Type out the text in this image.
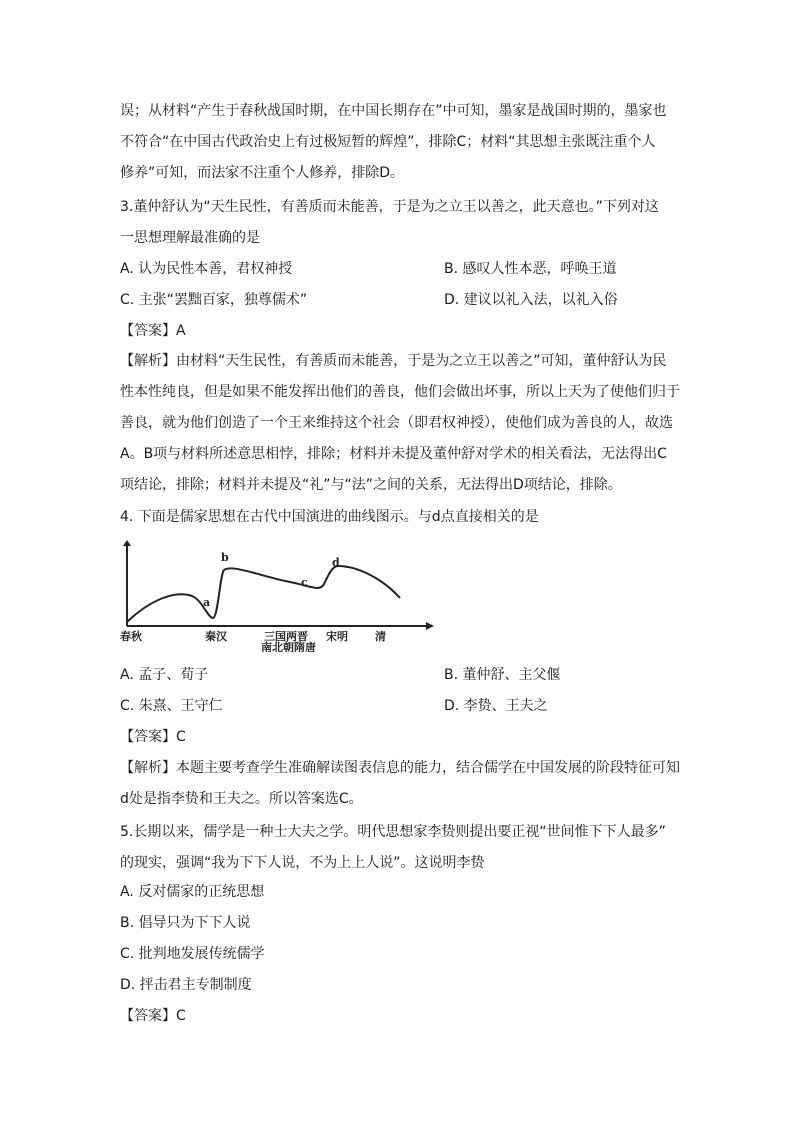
误；从材料“产生于春秋战国时期，在中国长期存在”中可知，墨家是战国时期的，墨家也
不符合“在中国古代政治史上有过极短暂的辉煌”，排除C；材料“其思想主张既注重个人
修养”可知，而法家不注重个人修养，排除D。
3.董仲舒认为“天生民性，有善质而未能善，于是为之立王以善之，此天意也。”下列对这
一思想理解最准确的是

A. 认为民性本善，君权神授	B. 感叹人性本恶，呼唤王道

C. 主张“罢黜百家，独尊儒术”	D. 建议以礼入法，以礼入俗

【答案】A

【解析】由材料“天生民性，有善质而未能善，于是为之立王以善之”可知，董仲舒认为民
性本性纯良，但是如果不能发挥出他们的善良，他们会做出坏事，所以上天为了使他们归于
善良，就为他们创造了一个王来维持这个社会（即君权神授），使他们成为善良的人，故选
A。B项与材料所述意思相悖，排除；材料并未提及董仲舒对学术的相关看法，无法得出C
项结论，排除；材料并未提及“礼”与“法”之间的关系，无法得出D项结论，排除。

4. 下面是儒家思想在古代中国演进的曲线图示。与d点直接相关的是

a
b
c
d
春秋	秦汉	三国两晋
南北朝隋唐
宋明 清

A. 孟子、荀子	B. 董仲舒、主父偃

C. 朱熹、王守仁	D. 李贽、王夫之

【答案】C

【解析】本题主要考查学生准确解读图表信息的能力，结合儒学在中国发展的阶段特征可知
d处是指李贽和王夫之。所以答案选C。
5.长期以来，儒学是一种士大夫之学。明代思想家李贽则提出要正视“世间惟下下人最多”
的现实，强调“我为下下人说，不为上上人说”。这说明李贽

A. 反对儒家的正统思想

B. 倡导只为下下人说

C. 批判地发展传统儒学

D. 抨击君主专制制度

【答案】C
